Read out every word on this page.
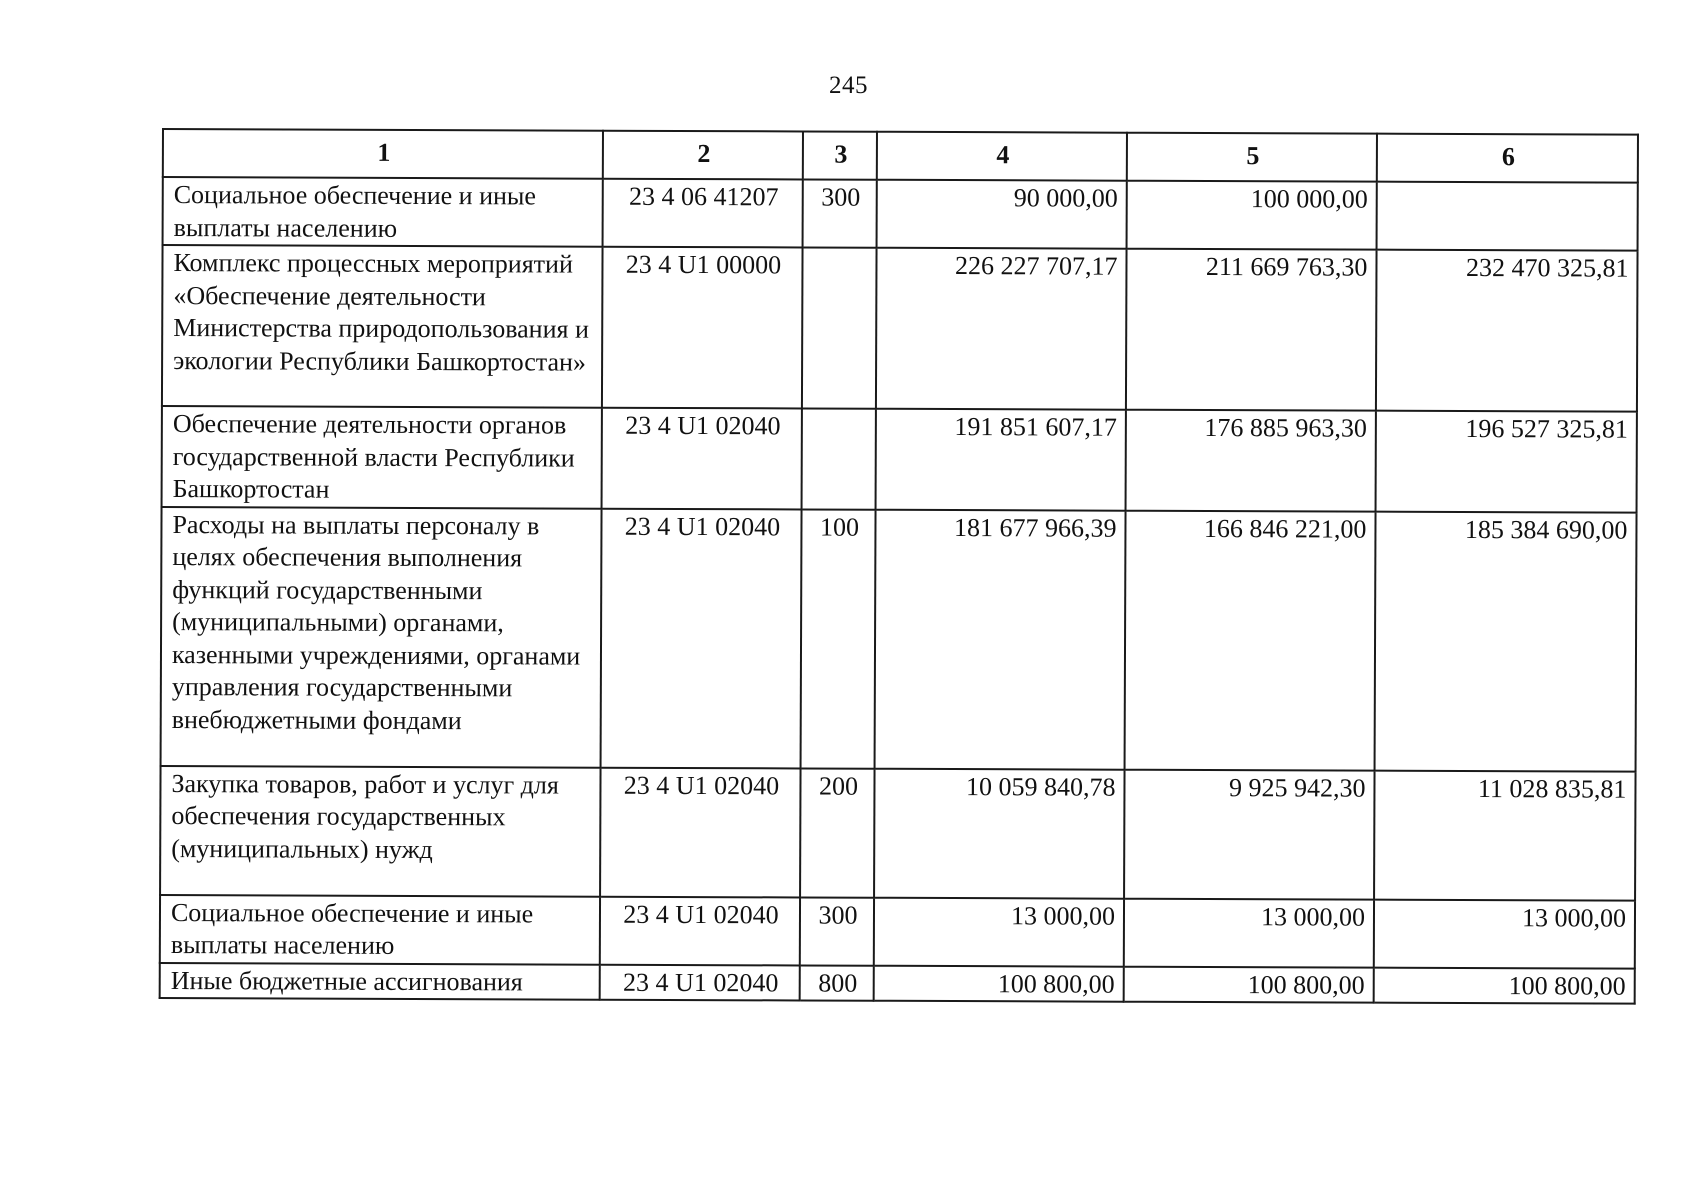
245
1	2	3	4	5	6
Социальное обеспечение и иные выплаты населению	23 4 06 41207	300	90 000,00	100 000,00	
Комплекс процессных мероприятий «Обеспечение деятельности Министерства природопользования и экологии Республики Башкортостан»	23 4 U1 00000		226 227 707,17	211 669 763,30	232 470 325,81
Обеспечение деятельности органов государственной власти Республики Башкортостан	23 4 U1 02040		191 851 607,17	176 885 963,30	196 527 325,81
Расходы на выплаты персоналу в целях обеспечения выполнения функций государственными (муниципальными) органами, казенными учреждениями, органами управления государственными внебюджетными фондами	23 4 U1 02040	100	181 677 966,39	166 846 221,00	185 384 690,00
Закупка товаров, работ и услуг для обеспечения государственных (муниципальных) нужд	23 4 U1 02040	200	10 059 840,78	9 925 942,30	11 028 835,81
Социальное обеспечение и иные выплаты населению	23 4 U1 02040	300	13 000,00	13 000,00	13 000,00
Иные бюджетные ассигнования	23 4 U1 02040	800	100 800,00	100 800,00	100 800,00
